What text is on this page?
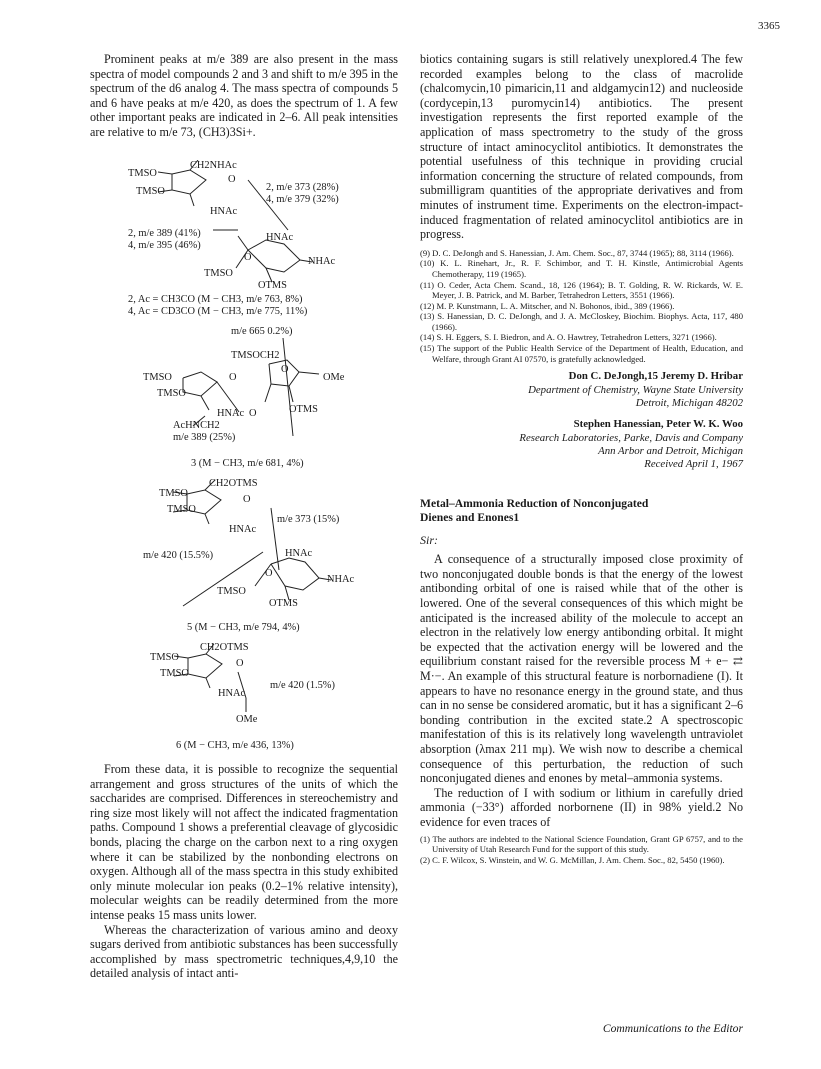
3365

Prominent peaks at m/e 389 are also present in the mass spectra of model compounds 2 and 3 and shift to m/e 395 in the spectrum of the d6 analog 4. The mass spectra of compounds 5 and 6 have peaks at m/e 420, as does the spectrum of 1. A few other important peaks are indicated in 2–6. All peak intensities are relative to m/e 73, (CH3)3Si+.

CH2NHAc
TMSO
O
TMSO	2, m/e 373 (28%)
4, m/e 379 (32%)
HNAc
2, m/e 389 (41%)
4, m/e 395 (46%)
HNAc
O	NHAc
TMSO
OTMS
2, Ac = CH3CO (M − CH3, m/e 763, 8%)
4, Ac = CD3CO (M − CH3, m/e 775, 11%)
m/e 665 0.2%)
TMSOCH2
TMSO	O
O
OMe
TMSO
HNAc O	OTMS
AcHNCH2
m/e 389 (25%)
3 (M − CH3, m/e 681, 4%)
CH2OTMS
TMSO
O
TMSO
HNAc
m/e 373 (15%)
m/e 420 (15.5%)	HNAc
O
NHAc
TMSO
OTMS
5 (M − CH3, m/e 794, 4%)
CH2OTMS
TMSO
O
TMSO
HNAc
m/e 420 (1.5%)
OMe
6 (M − CH3, m/e 436, 13%)

From these data, it is possible to recognize the sequential arrangement and gross structures of the units of which the saccharides are comprised. Differences in stereochemistry and ring size most likely will not affect the indicated fragmentation paths. Compound 1 shows a preferential cleavage of glycosidic bonds, placing the charge on the carbon next to a ring oxygen where it can be stabilized by the nonbonding electrons on oxygen. Although all of the mass spectra in this study exhibited only minute molecular ion peaks (0.2–1% relative intensity), molecular weights can be readily determined from the more intense peaks 15 mass units lower.

Whereas the characterization of various amino and deoxy sugars derived from antibiotic substances has been successfully accomplished by mass spectrometric techniques,4,9,10 the detailed analysis of intact anti-

biotics containing sugars is still relatively unexplored.4 The few recorded examples belong to the class of macrolide (chalcomycin,10 pimaricin,11 and aldgamycin12) and nucleoside (cordycepin,13 puromycin14) antibiotics. The present investigation represents the first reported example of the application of mass spectrometry to the study of the gross structure of intact aminocyclitol antibiotics. It demonstrates the potential usefulness of this technique in providing crucial information concerning the structure of related compounds, from submilligram quantities of the appropriate derivatives and from minutes of instrument time. Experiments on the electron-impact-induced fragmentation of related aminocyclitol antibiotics are in progress.

(9) D. C. DeJongh and S. Hanessian, J. Am. Chem. Soc., 87, 3744 (1965); 88, 3114 (1966).

(10) K. L. Rinehart, Jr., R. F. Schimbor, and T. H. Kinstle, Antimicrobial Agents Chemotherapy, 119 (1965).

(11) O. Ceder, Acta Chem. Scand., 18, 126 (1964); B. T. Golding, R. W. Rickards, W. E. Meyer, J. B. Patrick, and M. Barber, Tetrahedron Letters, 3551 (1966).

(12) M. P. Kunstmann, L. A. Mitscher, and N. Bohonos, ibid., 389 (1966).

(13) S. Hanessian, D. C. DeJongh, and J. A. McCloskey, Biochim. Biophys. Acta, 117, 480 (1966).

(14) S. H. Eggers, S. I. Biedron, and A. O. Hawtrey, Tetrahedron Letters, 3271 (1966).

(15) The support of the Public Health Service of the Department of Health, Education, and Welfare, through Grant AI 07570, is gratefully acknowledged.

Don C. DeJongh,15 Jeremy D. Hribar
Department of Chemistry, Wayne State University
Detroit, Michigan 48202
Stephen Hanessian, Peter W. K. Woo
Research Laboratories, Parke, Davis and Company
Ann Arbor and Detroit, Michigan
Received April 1, 1967
Metal–Ammonia Reduction of Nonconjugated
Dienes and Enones1
Sir:

A consequence of a structurally imposed close proximity of two nonconjugated double bonds is that the energy of the lowest antibonding orbital of one is raised while that of the other is lowered. One of the several consequences of this which might be anticipated is the increased ability of the molecule to accept an electron in the relatively low energy antibonding orbital. It might be expected that the activation energy will be lowered and the equilibrium constant raised for the reversible process M + e− ⇄ M·−. An example of this structural feature is norbornadiene (I). It appears to have no resonance energy in the ground state, and thus can in no sense be considered aromatic, but it has a significant 2–6 bonding contribution in the excited state.2 A spectroscopic manifestation of this is its relatively long wavelength untraviolet absorption (λmax 211 mμ). We wish now to describe a chemical consequence of this perturbation, the reduction of such nonconjugated dienes and enones by metal–ammonia systems.

The reduction of I with sodium or lithium in carefully dried ammonia (−33°) afforded norbornene (II) in 98% yield.2 No evidence for even traces of

(1) The authors are indebted to the National Science Foundation, Grant GP 6757, and to the University of Utah Research Fund for the support of this study.

(2) C. F. Wilcox, S. Winstein, and W. G. McMillan, J. Am. Chem. Soc., 82, 5450 (1960).

Communications to the Editor
